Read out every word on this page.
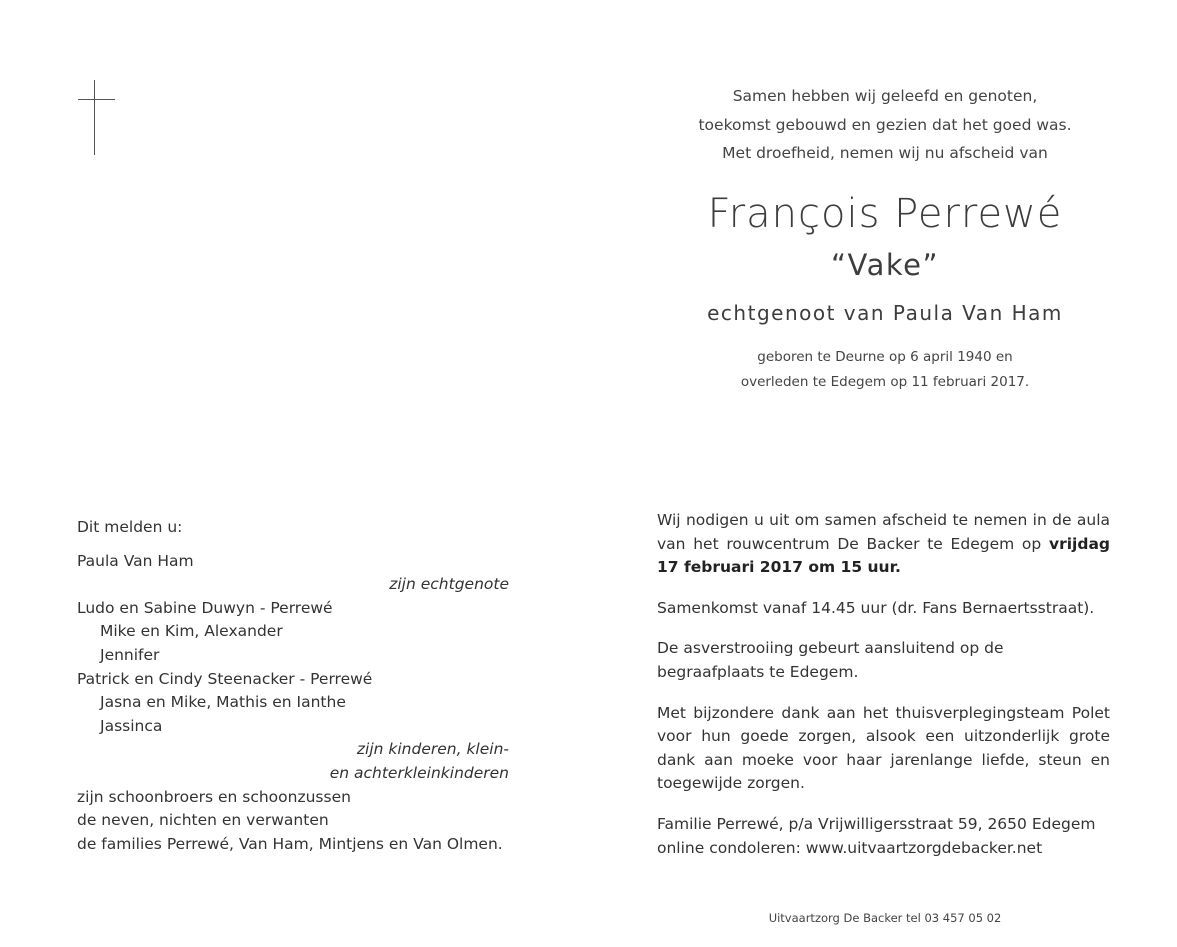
Samen hebben wij geleefd en genoten,
toekomst gebouwd en gezien dat het goed was.
Met droefheid, nemen wij nu afscheid van
François Perrewé
“Vake”
echtgenoot van Paula Van Ham
geboren te Deurne op 6 april 1940 en
overleden te Edegem op 11 februari 2017.
Dit melden u:
Paula Van Ham
zijn echtgenote
Ludo en Sabine Duwyn - Perrewé
Mike en Kim, Alexander
Jennifer
Patrick en Cindy Steenacker - Perrewé
Jasna en Mike, Mathis en Ianthe
Jassinca
zijn kinderen, klein-
en achterkleinkinderen
zijn schoonbroers en schoonzussen
de neven, nichten en verwanten
de families Perrewé, Van Ham, Mintjens en Van Olmen.

Wij nodigen u uit om samen afscheid te nemen in de aula van het rouwcentrum De Backer te Edegem op vrijdag 17 februari 2017 om 15 uur.

Samenkomst vanaf 14.45 uur (dr. Fans Bernaertsstraat).

De asverstrooiing gebeurt aansluitend op de begraafplaats te Edegem.

Met bijzondere dank aan het thuisverplegingsteam Polet voor hun goede zorgen, alsook een uitzonderlijk grote dank aan moeke voor haar jarenlange liefde, steun en toegewijde zorgen.

Familie Perrewé, p/a Vrijwilligersstraat 59, 2650 Edegem
online condoleren: www.uitvaartzorgdebacker.net
Uitvaartzorg De Backer tel 03 457 05 02
